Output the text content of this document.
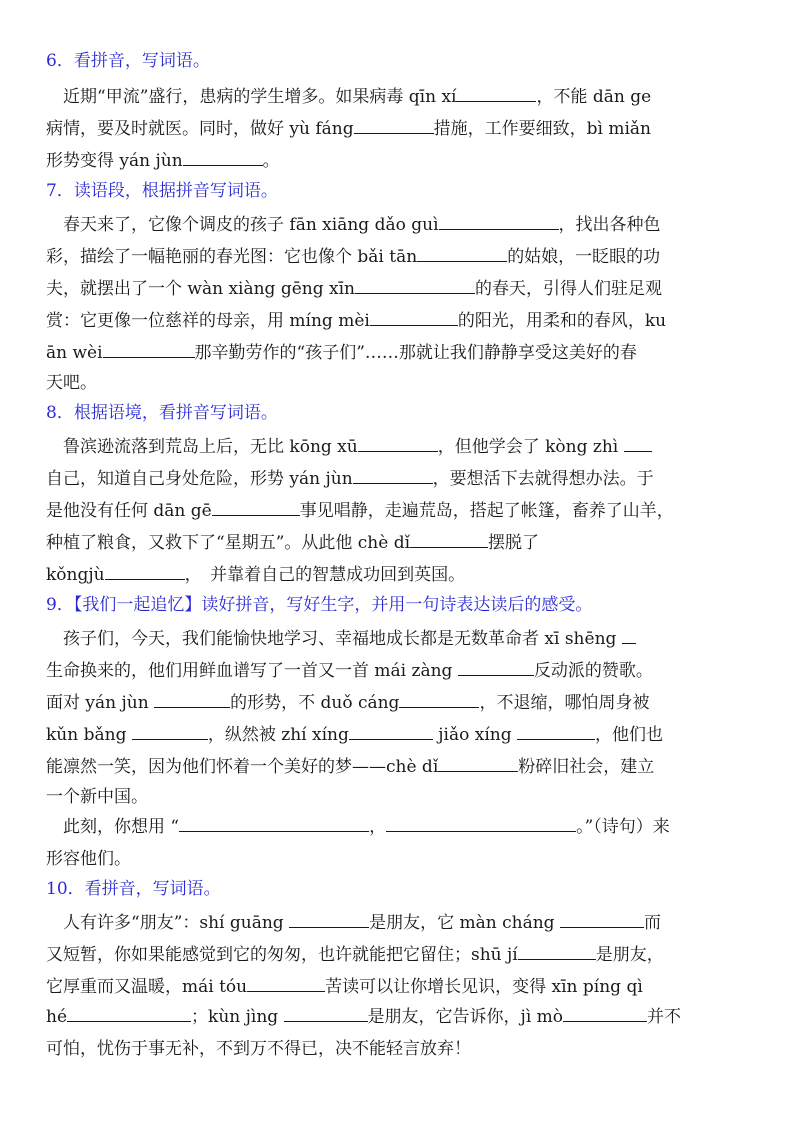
6．看拼音，写词语。
　近期“甲流”盛行，患病的学生增多。如果病毒 qīn xí	，不能 dān ge
病情，要及时就医。同时，做好 yù fáng	措施，工作要细致，bì miǎn
形势变得 yán jùn	。
7．读语段，根据拼音写词语。
　春天来了，它像个调皮的孩子 fān xiāng dǎo guì	，找出各种色
彩，描绘了一幅艳丽的春光图：它也像个 bǎi tān	的姑娘，一眨眼的功
夫，就摆出了一个 wàn xiàng gēng xīn	的春天，引得人们驻足观
赏：它更像一位慈祥的母亲，用 míng mèi	的阳光，用柔和的春风，ku
ān wèi	那辛勤劳作的“孩子们”……那就让我们静静享受这美好的春
天吧。
8．根据语境，看拼音写词语。
　鲁滨逊流落到荒岛上后，无比 kōng xū	，但他学会了 kòng zhì
自己，知道自己身处危险，形势 yán jùn	，要想活下去就得想办法。于
是他没有任何 dān gē	事见唱静，走遍荒岛，搭起了帐篷，畜养了山羊，
种植了粮食，又救下了“星期五”。从此他 chè dǐ	摆脱了
kǒngjù	，　并靠着自己的智慧成功回到英国。
9．【我们一起追忆】读好拼音，写好生字，并用一句诗表达读后的感受。
　孩子们，今天，我们能愉快地学习、幸福地成长都是无数革命者 xī shēng
生命换来的，他们用鲜血谱写了一首又一首 mái zàng	反动派的赞歌。
面对 yán jùn	的形势，不 duǒ cáng	，不退缩，哪怕周身被
kǔn bǎng	，纵然被 zhí xíng	jiǎo xíng	，他们也
能凛然一笑，因为他们怀着一个美好的梦——chè dǐ	粉碎旧社会，建立
一个新中国。
　此刻，你想用 “	，	。”（诗句）来
形容他们。
10．看拼音，写词语。
　人有许多“朋友”：shí guāng	是朋友，它 màn cháng	而
又短暂，你如果能感觉到它的匆匆，也许就能把它留住；shū jí	是朋友，
它厚重而又温暖，mái tóu	苦读可以让你增长见识，变得 xīn píng qì
hé	；kùn jìng	是朋友，它告诉你，jì mò	并不
可怕，忧伤于事无补，不到万不得已，决不能轻言放弃！
